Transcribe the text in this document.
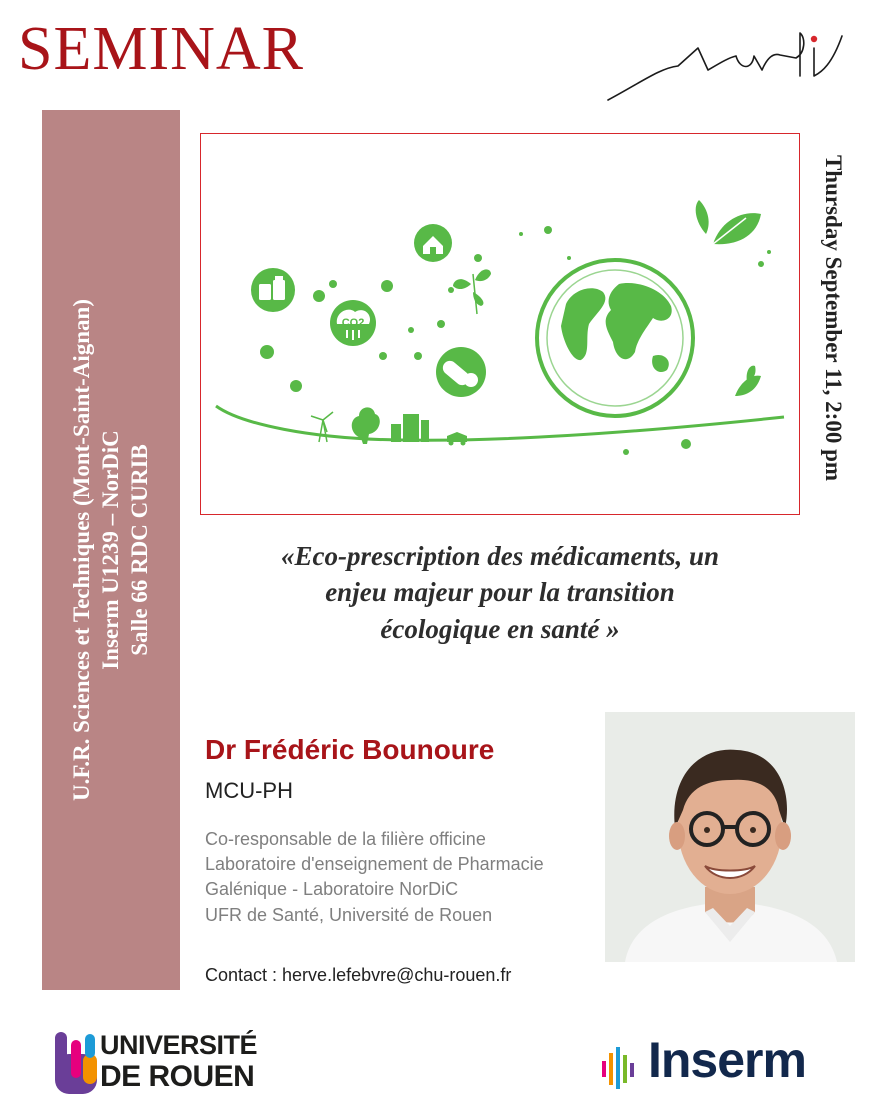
SEMINAR
U.F.R. Sciences et Techniques (Mont-Saint-Aignan) Inserm U1239 – NorDiC Salle 66 RDC CURIB
Thursday September 11, 2:00 pm
CO2
«Eco-prescription des médicaments, un
enjeu majeur pour la transition
écologique en santé »
Dr Frédéric Bounoure
MCU-PH
Co-responsable de la filière officine
Laboratoire d'enseignement de Pharmacie
Galénique - Laboratoire NorDiC
UFR de Santé, Université de Rouen
Contact : herve.lefebvre@chu-rouen.fr
UNIVERSITÉ
DE ROUEN	Inserm
